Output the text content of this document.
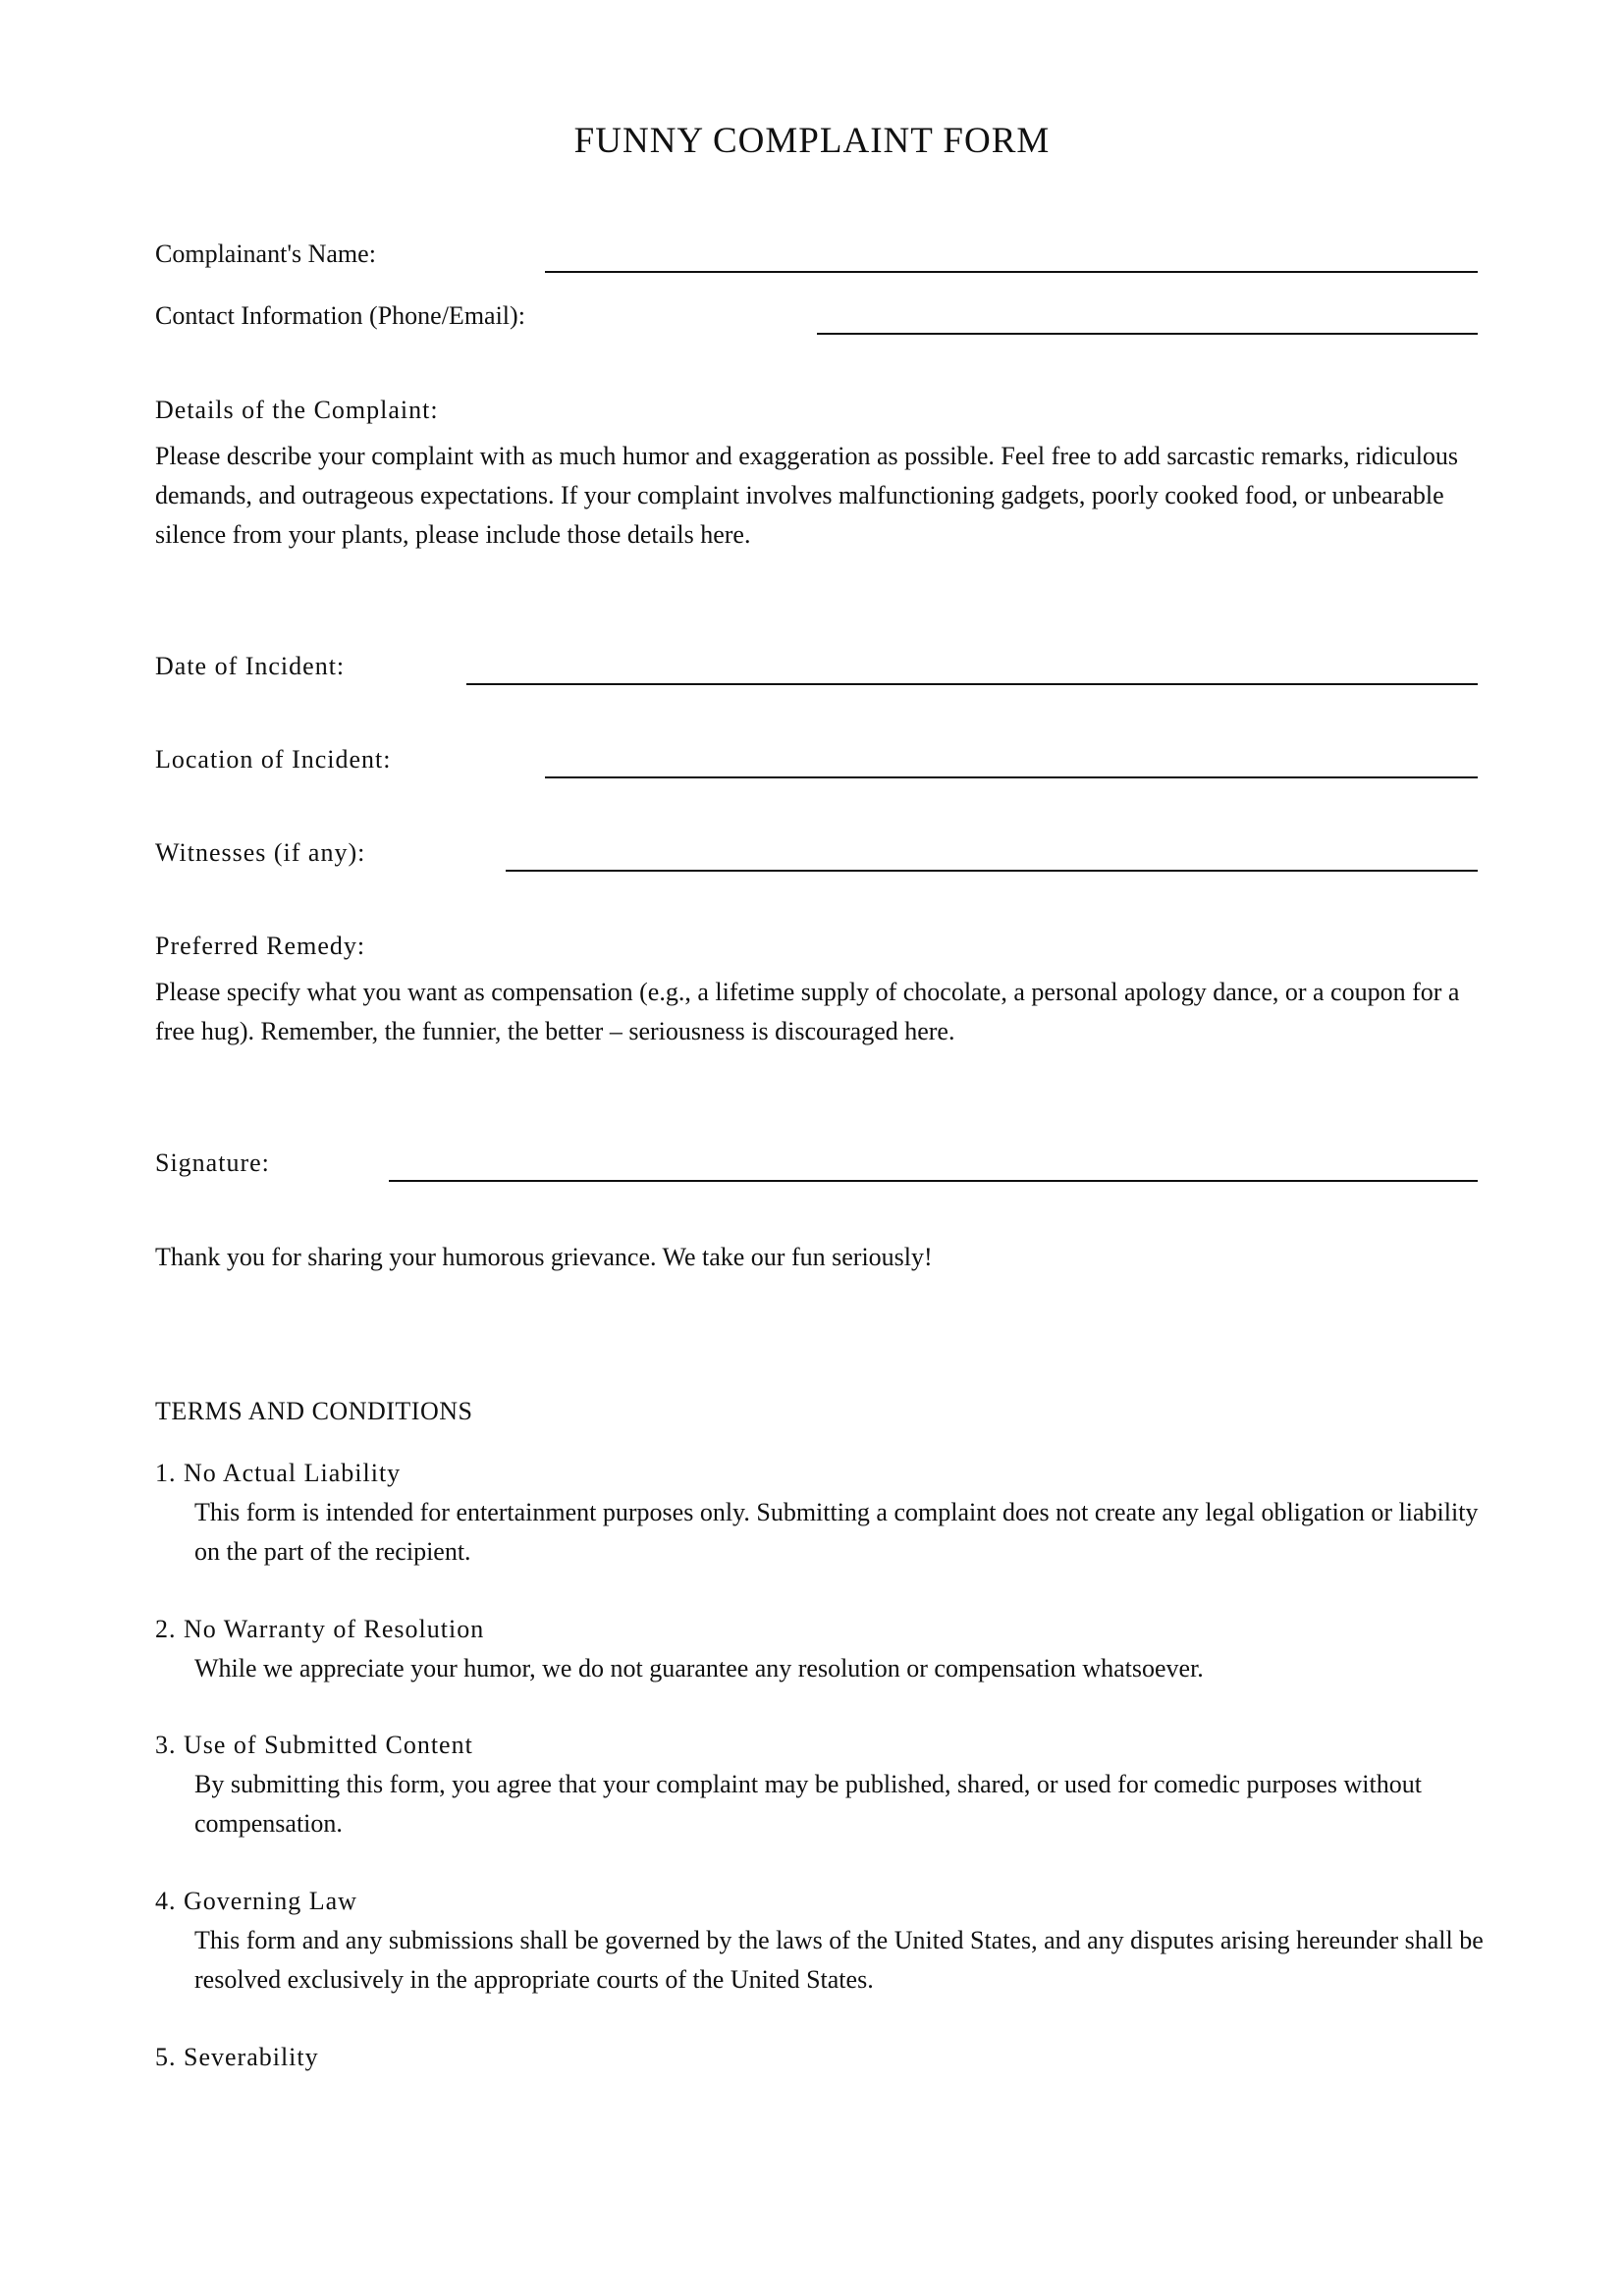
FUNNY COMPLAINT FORM
Complainant's Name:
Contact Information (Phone/Email):
Details of the Complaint:
Please describe your complaint with as much humor and exaggeration as possible. Feel free to add sarcastic remarks, ridiculous demands, and outrageous expectations. If your complaint involves malfunctioning gadgets, poorly cooked food, or unbearable silence from your plants, please include those details here.
Date of Incident:
Location of Incident:
Witnesses (if any):
Preferred Remedy:
Please specify what you want as compensation (e.g., a lifetime supply of chocolate, a personal apology dance, or a coupon for a free hug). Remember, the funnier, the better – seriousness is discouraged here.
Signature:
Thank you for sharing your humorous grievance. We take our fun seriously!
TERMS AND CONDITIONS
1. No Actual Liability
This form is intended for entertainment purposes only. Submitting a complaint does not create any legal obligation or liability on the part of the recipient.
2. No Warranty of Resolution
While we appreciate your humor, we do not guarantee any resolution or compensation whatsoever.
3. Use of Submitted Content
By submitting this form, you agree that your complaint may be published, shared, or used for comedic purposes without compensation.
4. Governing Law
This form and any submissions shall be governed by the laws of the United States, and any disputes arising hereunder shall be resolved exclusively in the appropriate courts of the United States.
5. Severability
